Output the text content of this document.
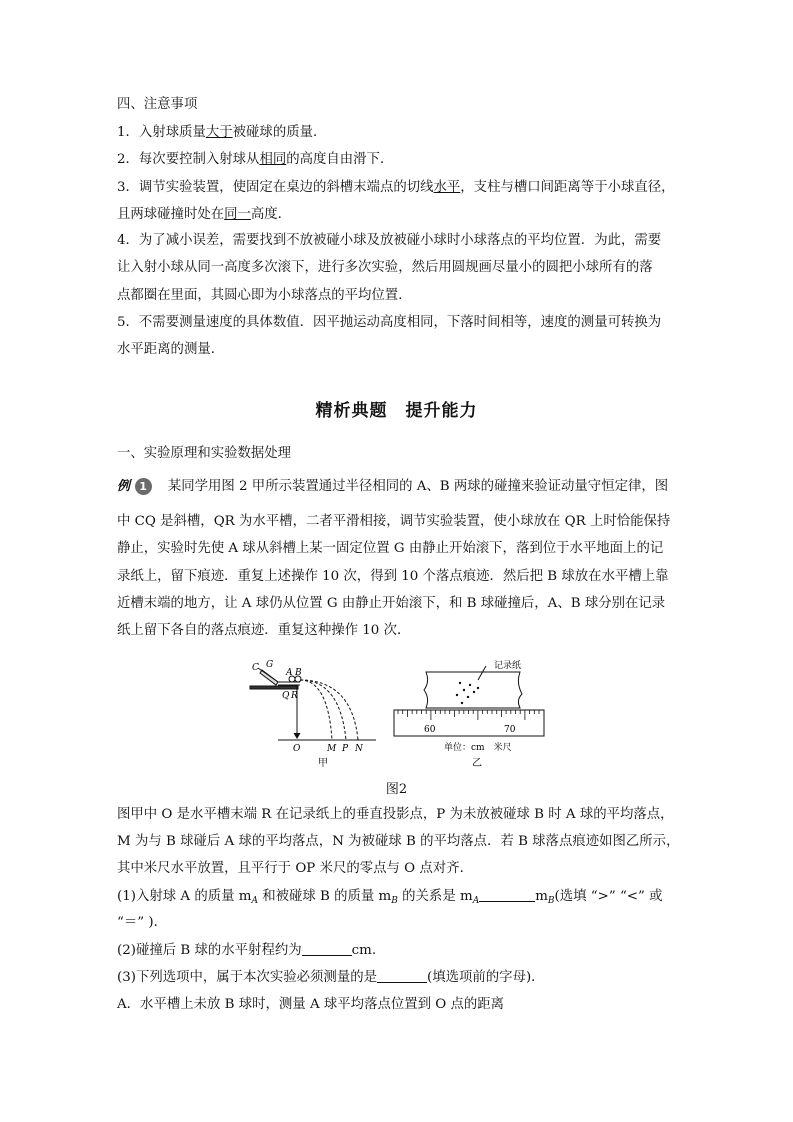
四、注意事项
1．入射球质量大于被碰球的质量．
2．每次要控制入射球从相同的高度自由滑下．
3．调节实验装置，使固定在桌边的斜槽末端点的切线水平，支柱与槽口间距离等于小球直径，
且两球碰撞时处在同一高度．
4．为了减小误差，需要找到不放被碰小球及放被碰小球时小球落点的平均位置．为此，需要
让入射小球从同一高度多次滚下，进行多次实验，然后用圆规画尽量小的圆把小球所有的落
点都圈在里面，其圆心即为小球落点的平均位置．
5．不需要测量速度的具体数值．因平抛运动高度相同，下落时间相等，速度的测量可转换为
水平距离的测量．
精析典题　提升能力
一、实验原理和实验数据处理
例 1 某同学用图 2 甲所示装置通过半径相同的 A、B 两球的碰撞来验证动量守恒定律，图
中 CQ 是斜槽，QR 为水平槽，二者平滑相接，调节实验装置，使小球放在 QR 上时恰能保持
静止，实验时先使 A 球从斜槽上某一固定位置 G 由静止开始滚下，落到位于水平地面上的记
录纸上，留下痕迹．重复上述操作 10 次，得到 10 个落点痕迹．然后把 B 球放在水平槽上靠
近槽末端的地方，让 A 球仍从位置 G 由静止开始滚下，和 B 球碰撞后，A、B 球分别在记录
纸上留下各自的落点痕迹．重复这种操作 10 次．
C G
A B
Q R
O	M P N
甲
记录纸
60	70
单位：cm　米尺
乙
图2
图甲中 O 是水平槽末端 R 在记录纸上的垂直投影点，P 为未放被碰球 B 时 A 球的平均落点，
M 为与 B 球碰后 A 球的平均落点，N 为被碰球 B 的平均落点．若 B 球落点痕迹如图乙所示，
其中米尺水平放置，且平行于 OP 米尺的零点与 O 点对齐．
(1)入射球 A 的质量 $m_A$ 和被碰球 B 的质量 $m_B$ 的关系是 $m_A$	$m_B$(选填 “>” “<” 或
“＝” )．
(2)碰撞后 B 球的水平射程约为	cm.
(3)下列选项中，属于本次实验必须测量的是	(填选项前的字母)．
A．水平槽上未放 B 球时，测量 A 球平均落点位置到 O 点的距离
